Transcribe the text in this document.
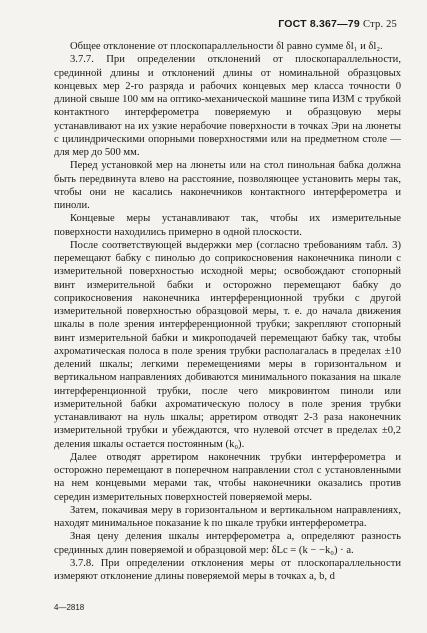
ГОСТ 8.367—79 Стр. 25

Общее отклонение от плоскопараллельности δl равно сумме δl₁ и δl₂.

3.7.7. При определении отклонений от плоскопараллельности, срединной длины и отклонений длины от номинальной образцовых концевых мер 2-го разряда и рабочих концевых мер класса точности 0 длиной свыше 100 мм на оптико-механической машине типа ИЗМ с трубкой контактного интерферометра поверяемую и образцовую меры устанавливают на их узкие нерабочие поверхности в точках Эри на люнеты с цилиндрическими опорными поверхностями или на предметном столе — для мер до 500 мм.

Перед установкой мер на люнеты или на стол пинольная бабка должна быть передвинута влево на расстояние, позволяющее установить меры так, чтобы они не касались наконечников контактного интерферометра и пиноли.

Концевые меры устанавливают так, чтобы их измерительные поверхности находились примерно в одной плоскости.

После соответствующей выдержки мер (согласно требованиям табл. 3) перемещают бабку с пинолью до соприкосновения наконечника пиноли с измерительной поверхностью исходной меры; освобождают стопорный винт измерительной бабки и осторожно перемещают бабку до соприкосновения наконечника интерференционной трубки с другой измерительной поверхностью образцовой меры, т. е. до начала движения шкалы в поле зрения интерференционной трубки; закрепляют стопорный винт измерительной бабки и микроподачей перемещают бабку так, чтобы ахроматическая полоса в поле зрения трубки располагалась в пределах ±10 делений шкалы; легкими перемещениями меры в горизонтальном и вертикальном направлениях добиваются минимального показания на шкале интерференционной трубки, после чего микровинтом пиноли или измерительной бабки ахроматическую полосу в поле зрения трубки устанавливают на нуль шкалы; арретиром отводят 2-3 раза наконечник измерительной трубки и убеждаются, что нулевой отсчет в пределах ±0,2 деления шкалы остается постоянным (k₀).

Далее отводят арретиром наконечник трубки интерферометра и осторожно перемещают в поперечном направлении стол с установленными на нем концевыми мерами так, чтобы наконечники оказались против середин измерительных поверхностей поверяемой меры.

Затем, покачивая меру в горизонтальном и вертикальном направлениях, находят минимальное показание k по шкале трубки интерферометра.

Зная цену деления шкалы интерферометра a, определяют разность срединных длин поверяемой и образцовой мер: δLc = (k − −k₀) · a.

3.7.8. При определении отклонения меры от плоскопараллельности измеряют отклонение длины поверяемой меры в точках a, b, d

4—2818
